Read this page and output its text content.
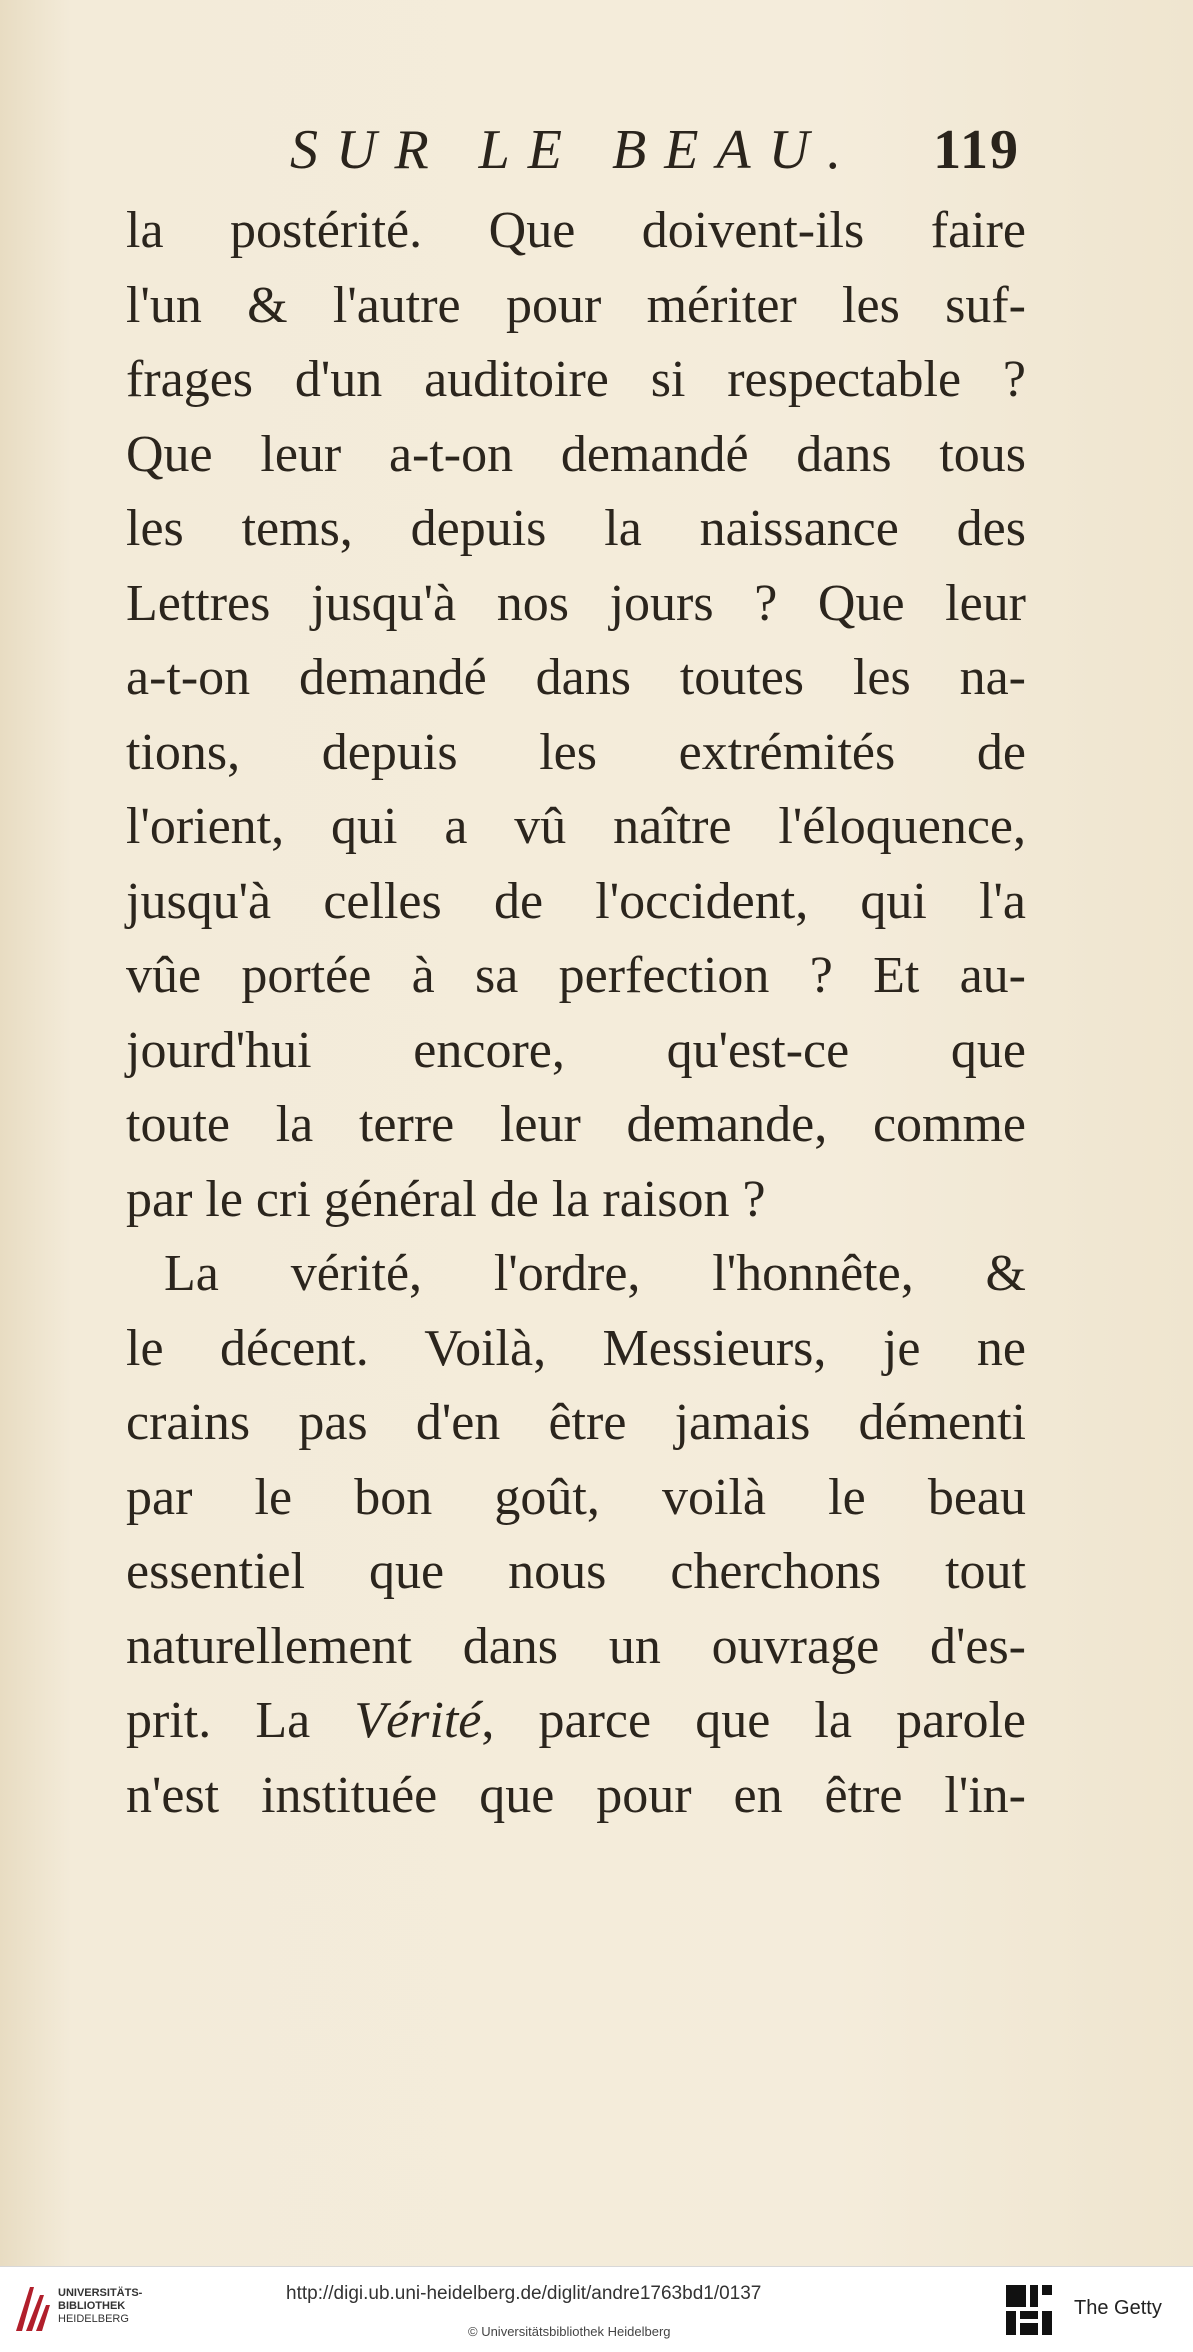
SUR LE BEAU. 119
la postérité. Que doivent-ils faire
l'un & l'autre pour mériter les suf-
frages d'un auditoire si respectable ?
Que leur a-t-on demandé dans tous
les tems, depuis la naissance des
Lettres jusqu'à nos jours ? Que leur
a-t-on demandé dans toutes les na-
tions, depuis les extrémités de
l'orient, qui a vû naître l'éloquence,
jusqu'à celles de l'occident, qui l'a
vûe portée à sa perfection ? Et au-
jourd'hui encore, qu'est-ce que
toute la terre leur demande, comme
par le cri général de la raison ?
La vérité, l'ordre, l'honnête, &
le décent. Voilà, Messieurs, je ne
crains pas d'en être jamais démenti
par le bon goût, voilà le beau
essentiel que nous cherchons tout
naturellement dans un ouvrage d'es-
prit. La Vérité, parce que la parole
n'est instituée que pour en être l'in-
UNIVERSITÄTS-
BIBLIOTHEK
HEIDELBERG
http://digi.ub.uni-heidelberg.de/diglit/andre1763bd1/0137
© Universitätsbibliothek Heidelberg
The Getty
